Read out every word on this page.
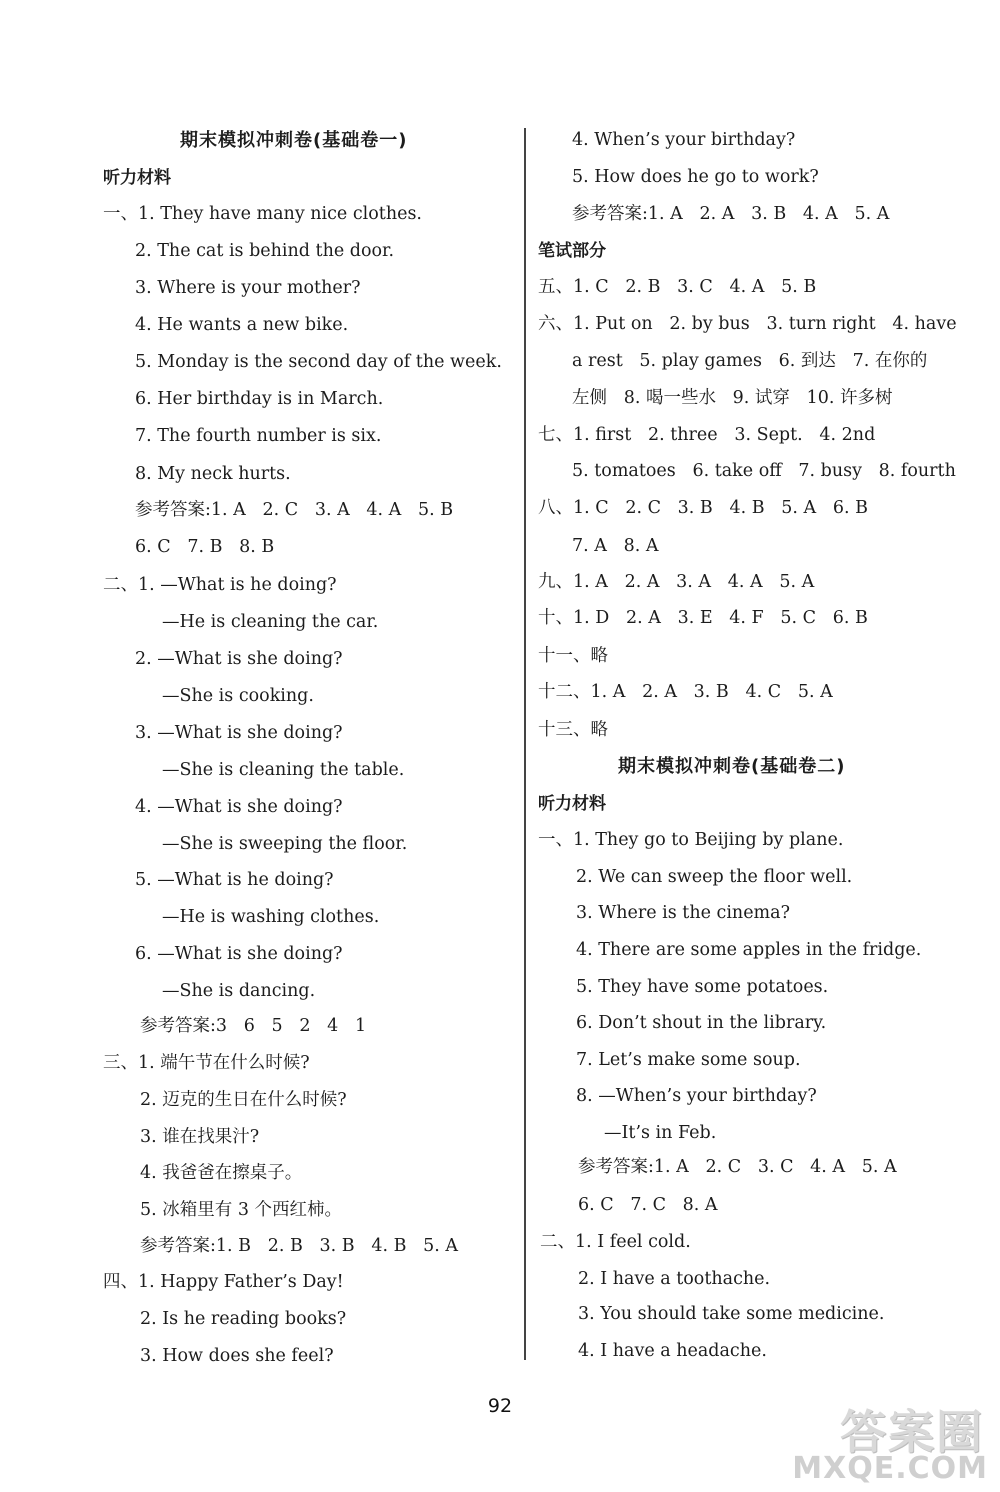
期末模拟冲刺卷(基础卷一)
听力材料
一、1. They have many nice clothes.
2. The cat is behind the door.
3. Where is your mother?
4. He wants a new bike.
5. Monday is the second day of the week.
6. Her birthday is in March.
7. The fourth number is six.
8. My neck hurts.
参考答案:1. A   2. C   3. A   4. A   5. B
6. C   7. B   8. B
二、1. —What is he doing?
—He is cleaning the car.
2. —What is she doing?
—She is cooking.
3. —What is she doing?
—She is cleaning the table.
4. —What is she doing?
—She is sweeping the floor.
5. —What is he doing?
—He is washing clothes.
6. —What is she doing?
—She is dancing.
参考答案:3   6   5   2   4   1
三、1. 端午节在什么时候?
2. 迈克的生日在什么时候?
3. 谁在找果汁?
4. 我爸爸在擦桌子。
5. 冰箱里有 3 个西红柿。
参考答案:1. B   2. B   3. B   4. B   5. A
四、1. Happy Father’s Day!
2. Is he reading books?
3. How does she feel?
4. When’s your birthday?
5. How does he go to work?
参考答案:1. A   2. A   3. B   4. A   5. A
笔试部分
五、1. C   2. B   3. C   4. A   5. B
六、1. Put on   2. by bus   3. turn right   4. have
a rest   5. play games   6. 到达   7. 在你的
左侧   8. 喝一些水   9. 试穿   10. 许多树
七、1. first   2. three   3. Sept.   4. 2nd
5. tomatoes   6. take off   7. busy   8. fourth
八、1. C   2. C   3. B   4. B   5. A   6. B
7. A   8. A
九、1. A   2. A   3. A   4. A   5. A
十、1. D   2. A   3. E   4. F   5. C   6. B
十一、略
十二、1. A   2. A   3. B   4. C   5. A
十三、略
期末模拟冲刺卷(基础卷二)
听力材料
一、1. They go to Beijing by plane.
2. We can sweep the floor well.
3. Where is the cinema?
4. There are some apples in the fridge.
5. They have some potatoes.
6. Don’t shout in the library.
7. Let’s make some soup.
8. —When’s your birthday?
—It’s in Feb.
参考答案:1. A   2. C   3. C   4. A   5. A
6. C   7. C   8. A
二、1. I feel cold.
2. I have a toothache.
3. You should take some medicine.
4. I have a headache.
92	答案圈
MXQE.COM
